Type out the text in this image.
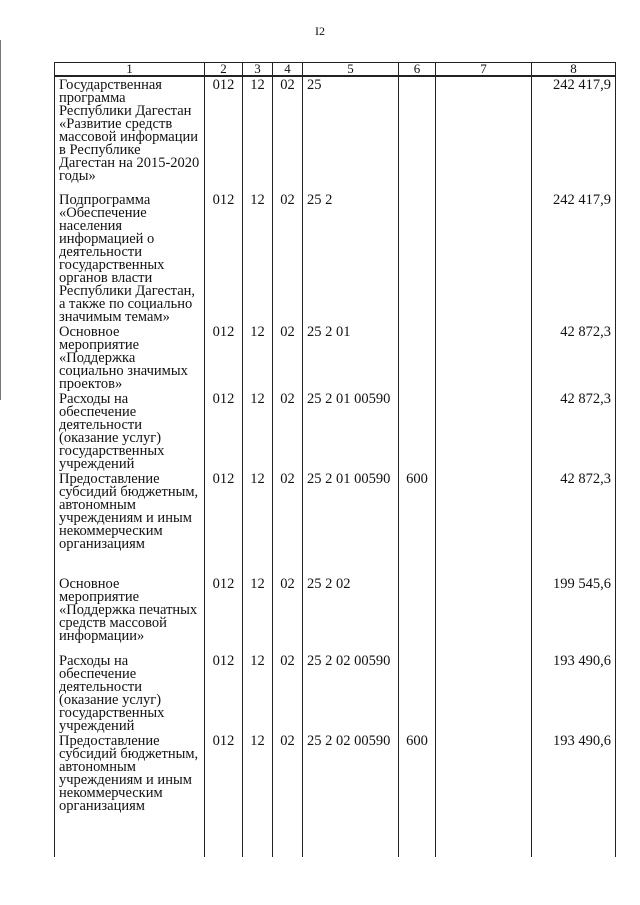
I2
1	2	3	4	5	6	7	8
Государственная программа Республики Дагестан «Развитие средств массовой информации в Республике Дагестан на 2015-2020 годы»	012	12	02	25			242 417,9
Подпрограмма «Обеспечение населения информацией о деятельности государственных органов власти Республики Дагестан, а также по социально значимым темам»	012	12	02	25 2			242 417,9
Основное мероприятие «Поддержка социально значимых проектов»	012	12	02	25 2 01			42 872,3
Расходы на обеспечение деятельности (оказание услуг) государственных учреждений	012	12	02	25 2 01 00590			42 872,3
Предоставление субсидий бюджетным, автономным учреждениям и иным некоммерческим организациям	012	12	02	25 2 01 00590	600		42 872,3
Основное мероприятие «Поддержка печатных средств массовой информации»	012	12	02	25 2 02			199 545,6
Расходы на обеспечение деятельности (оказание услуг) государственных учреждений	012	12	02	25 2 02 00590			193 490,6
Предоставление субсидий бюджетным, автономным учреждениям и иным некоммерческим организациям	012	12	02	25 2 02 00590	600		193 490,6
